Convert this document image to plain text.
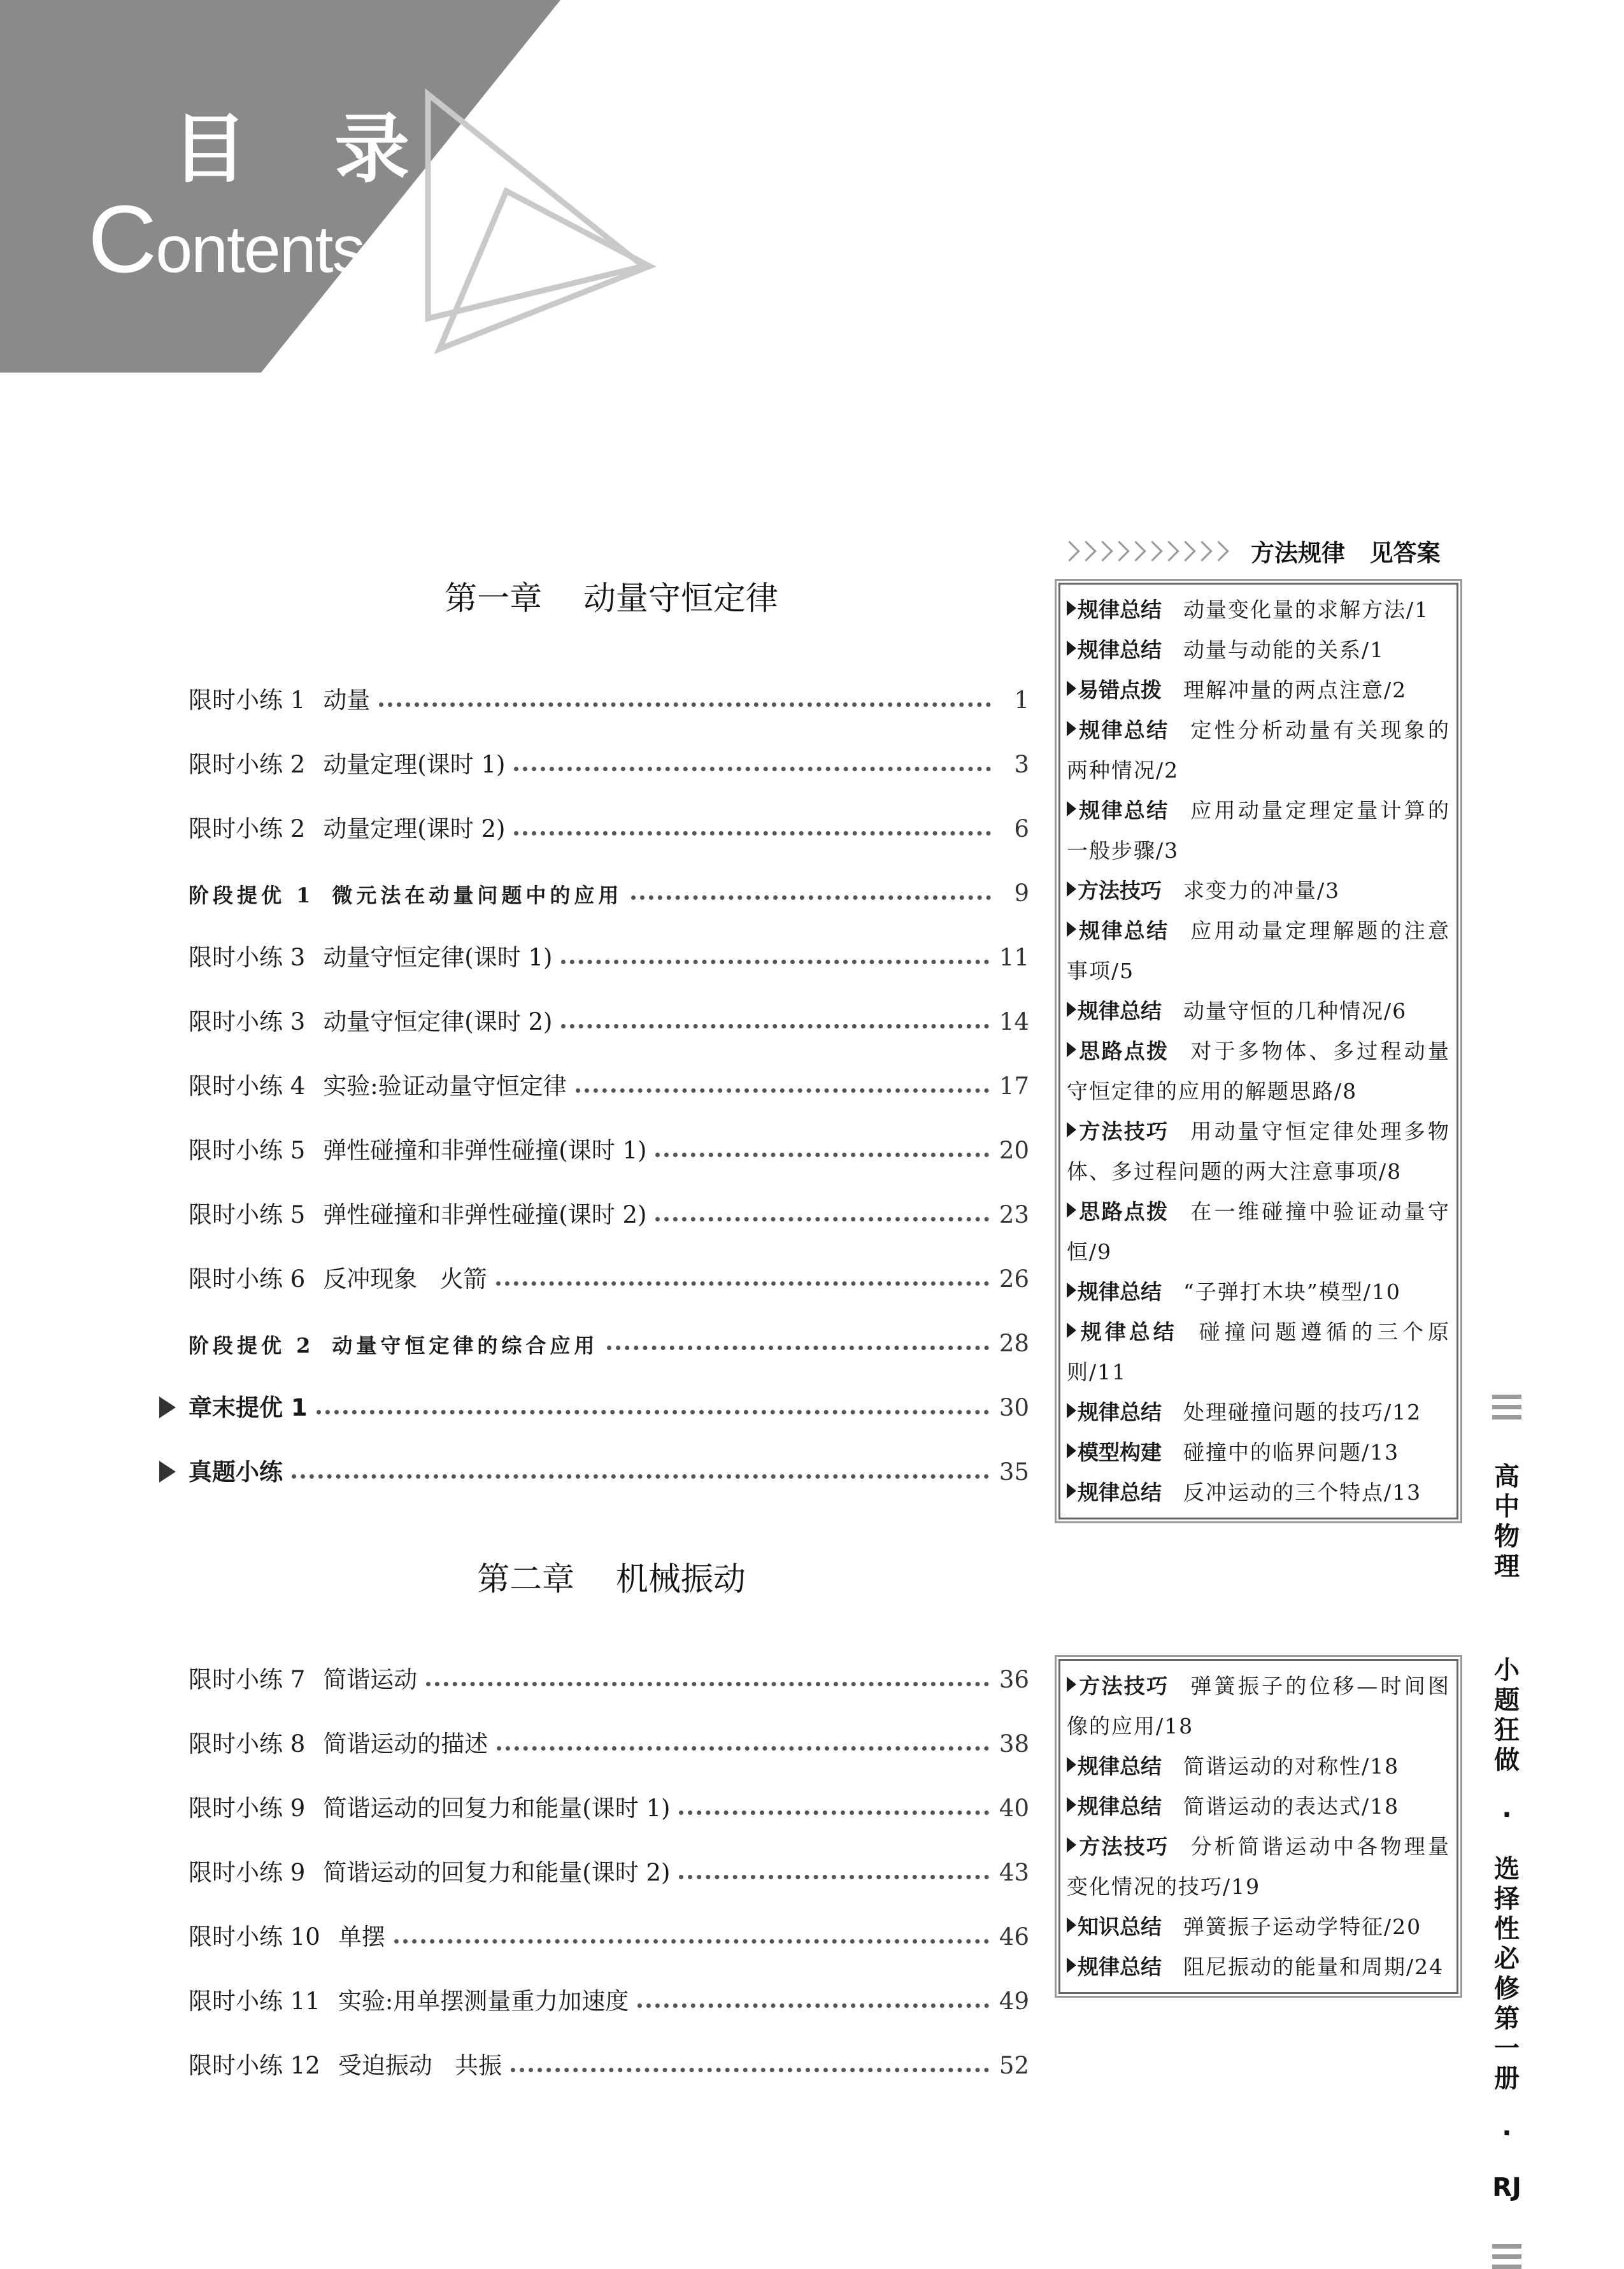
目 录
Contents
第一章    动量守恒定律
第二章    机械振动
限时小练 1 动量	1
限时小练 2 动量定理(课时 1)	3
限时小练 2 动量定理(课时 2)	6
阶段提优 1 微元法在动量问题中的应用	9
限时小练 3 动量守恒定律(课时 1)	11
限时小练 3 动量守恒定律(课时 2)	14
限时小练 4 实验:验证动量守恒定律	17
限时小练 5 弹性碰撞和非弹性碰撞(课时 1)	20
限时小练 5 弹性碰撞和非弹性碰撞(课时 2)	23
限时小练 6 反冲现象   火箭	26
阶段提优 2 动量守恒定律的综合应用	28
章末提优 1	30
真题小练	35
限时小练 7 简谐运动	36
限时小练 8 简谐运动的描述	38
限时小练 9 简谐运动的回复力和能量(课时 1)	40
限时小练 9 简谐运动的回复力和能量(课时 2)	43
限时小练 10 单摆	46
限时小练 11 实验:用单摆测量重力加速度	49
限时小练 12 受迫振动   共振	52
方法规律   见答案
规律总结 动量变化量的求解方法/1
规律总结 动量与动能的关系/1
易错点拨 理解冲量的两点注意/2
规律总结 定性分析动量有关现象的两种情况/2
规律总结 应用动量定理定量计算的一般步骤/3
方法技巧 求变力的冲量/3
规律总结 应用动量定理解题的注意事项/5
规律总结 动量守恒的几种情况/6
思路点拨 对于多物体、多过程动量守恒定律的应用的解题思路/8
方法技巧 用动量守恒定律处理多物体、多过程问题的两大注意事项/8
思路点拨 在一维碰撞中验证动量守恒/9
规律总结 “子弹打木块”模型/10
规律总结 碰撞问题遵循的三个原则/11
规律总结 处理碰撞问题的技巧/12
模型构建 碰撞中的临界问题/13
规律总结 反冲运动的三个特点/13
方法技巧 弹簧振子的位移—时间图像的应用/18
规律总结 简谐运动的对称性/18
规律总结 简谐运动的表达式/18
方法技巧 分析简谐运动中各物理量变化情况的技巧/19
知识总结 弹簧振子运动学特征/20
规律总结 阻尼振动的能量和周期/24

高中物理

小题狂做

·

选择性必修第一册

·

RJ
